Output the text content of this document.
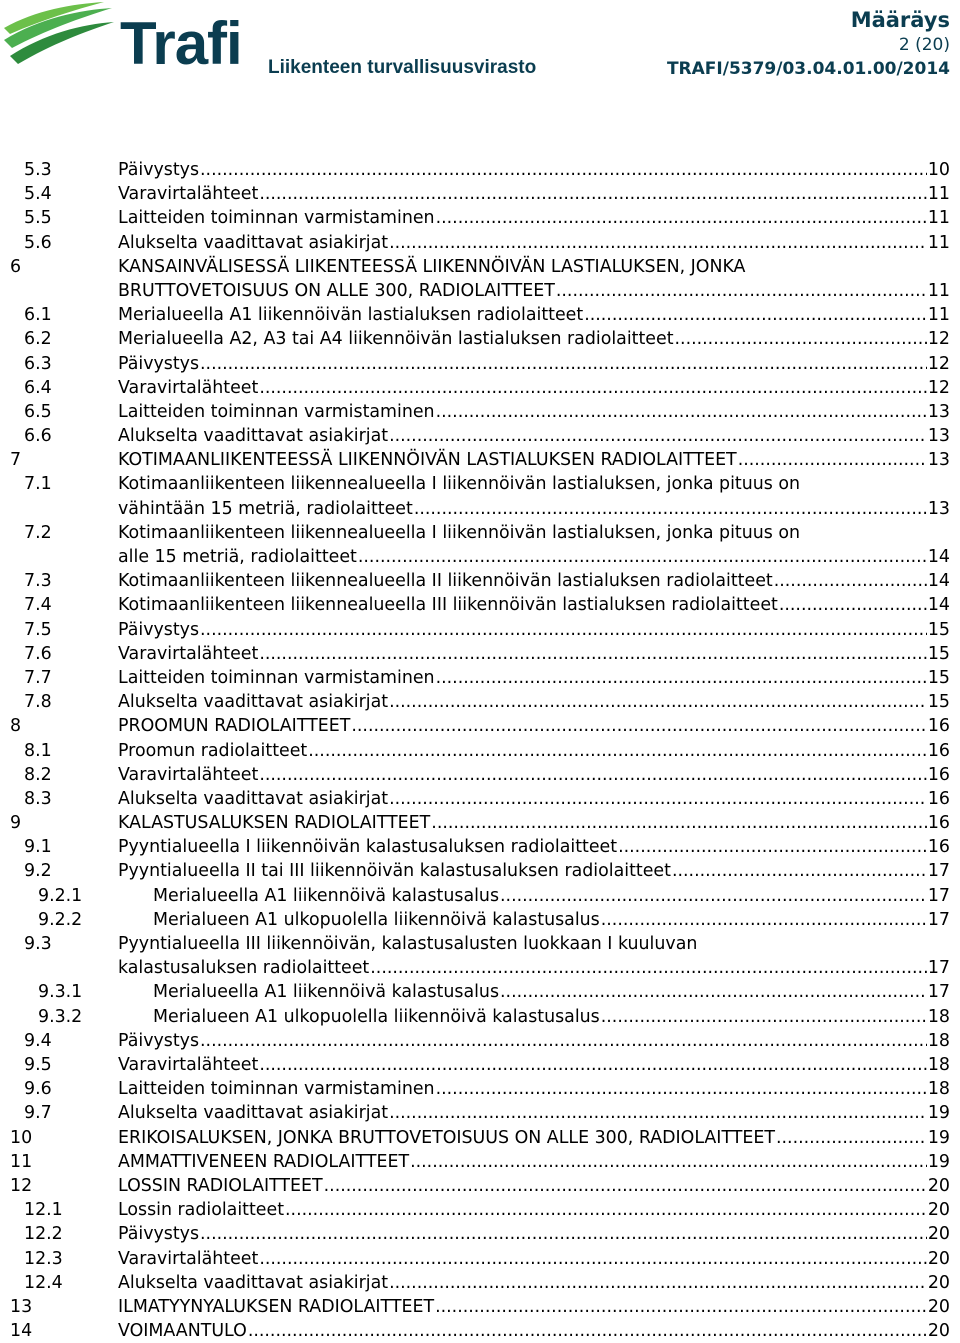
Trafi Liikenteen turvallisuusvirasto
Määräys
2 (20)
TRAFI/5379/03.04.01.00/2014
5.3	Päivystys .....	10
5.4	Varavirtalähteet .....	11
5.5	Laitteiden toiminnan varmistaminen .....	11
5.6	Alukselta vaadittavat asiakirjat .....	11
6	KANSAINVÄLISESSÄ LIIKENTEESSÄ LIIKENNÖIVÄN LASTIALUKSEN, JONKA
BRUTTOVETOISUUS ON ALLE 300, RADIOLAITTEET .....	11
6.1	Merialueella A1 liikennöivän lastialuksen radiolaitteet .....	11
6.2	Merialueella A2, A3 tai A4 liikennöivän lastialuksen radiolaitteet .....	12
6.3	Päivystys .....	12
6.4	Varavirtalähteet .....	12
6.5	Laitteiden toiminnan varmistaminen .....	13
6.6	Alukselta vaadittavat asiakirjat .....	13
7	KOTIMAANLIIKENTEESSÄ LIIKENNÖIVÄN LASTIALUKSEN RADIOLAITTEET .....	13
7.1	Kotimaanliikenteen liikennealueella I liikennöivän lastialuksen, jonka pituus on
vähintään 15 metriä, radiolaitteet .....	13
7.2	Kotimaanliikenteen liikennealueella I liikennöivän lastialuksen, jonka pituus on
alle 15 metriä, radiolaitteet .....	14
7.3	Kotimaanliikenteen liikennealueella II liikennöivän lastialuksen radiolaitteet .....	14
7.4	Kotimaanliikenteen liikennealueella III liikennöivän lastialuksen radiolaitteet .....	14
7.5	Päivystys .....	15
7.6	Varavirtalähteet .....	15
7.7	Laitteiden toiminnan varmistaminen .....	15
7.8	Alukselta vaadittavat asiakirjat .....	15
8	PROOMUN RADIOLAITTEET .....	16
8.1	Proomun radiolaitteet .....	16
8.2	Varavirtalähteet .....	16
8.3	Alukselta vaadittavat asiakirjat .....	16
9	KALASTUSALUKSEN RADIOLAITTEET .....	16
9.1	Pyyntialueella I liikennöivän kalastusaluksen radiolaitteet .....	16
9.2	Pyyntialueella II tai III liikennöivän kalastusaluksen radiolaitteet .....	17
9.2.1	Merialueella A1 liikennöivä kalastusalus .....	17
9.2.2	Merialueen A1 ulkopuolella liikennöivä kalastusalus .....	17
9.3	Pyyntialueella III liikennöivän, kalastusalusten luokkaan I kuuluvan
kalastusaluksen radiolaitteet .....	17
9.3.1	Merialueella A1 liikennöivä kalastusalus .....	17
9.3.2	Merialueen A1 ulkopuolella liikennöivä kalastusalus .....	18
9.4	Päivystys .....	18
9.5	Varavirtalähteet .....	18
9.6	Laitteiden toiminnan varmistaminen .....	18
9.7	Alukselta vaadittavat asiakirjat .....	19
10	ERIKOISALUKSEN, JONKA BRUTTOVETOISUUS ON ALLE 300, RADIOLAITTEET .....	19
11	AMMATTIVENEEN RADIOLAITTEET .....	19
12	LOSSIN RADIOLAITTEET .....	20
12.1	Lossin radiolaitteet .....	20
12.2	Päivystys .....	20
12.3	Varavirtalähteet .....	20
12.4	Alukselta vaadittavat asiakirjat .....	20
13	ILMATYYNYALUKSEN RADIOLAITTEET .....	20
14	VOIMAANTULO .....	20
